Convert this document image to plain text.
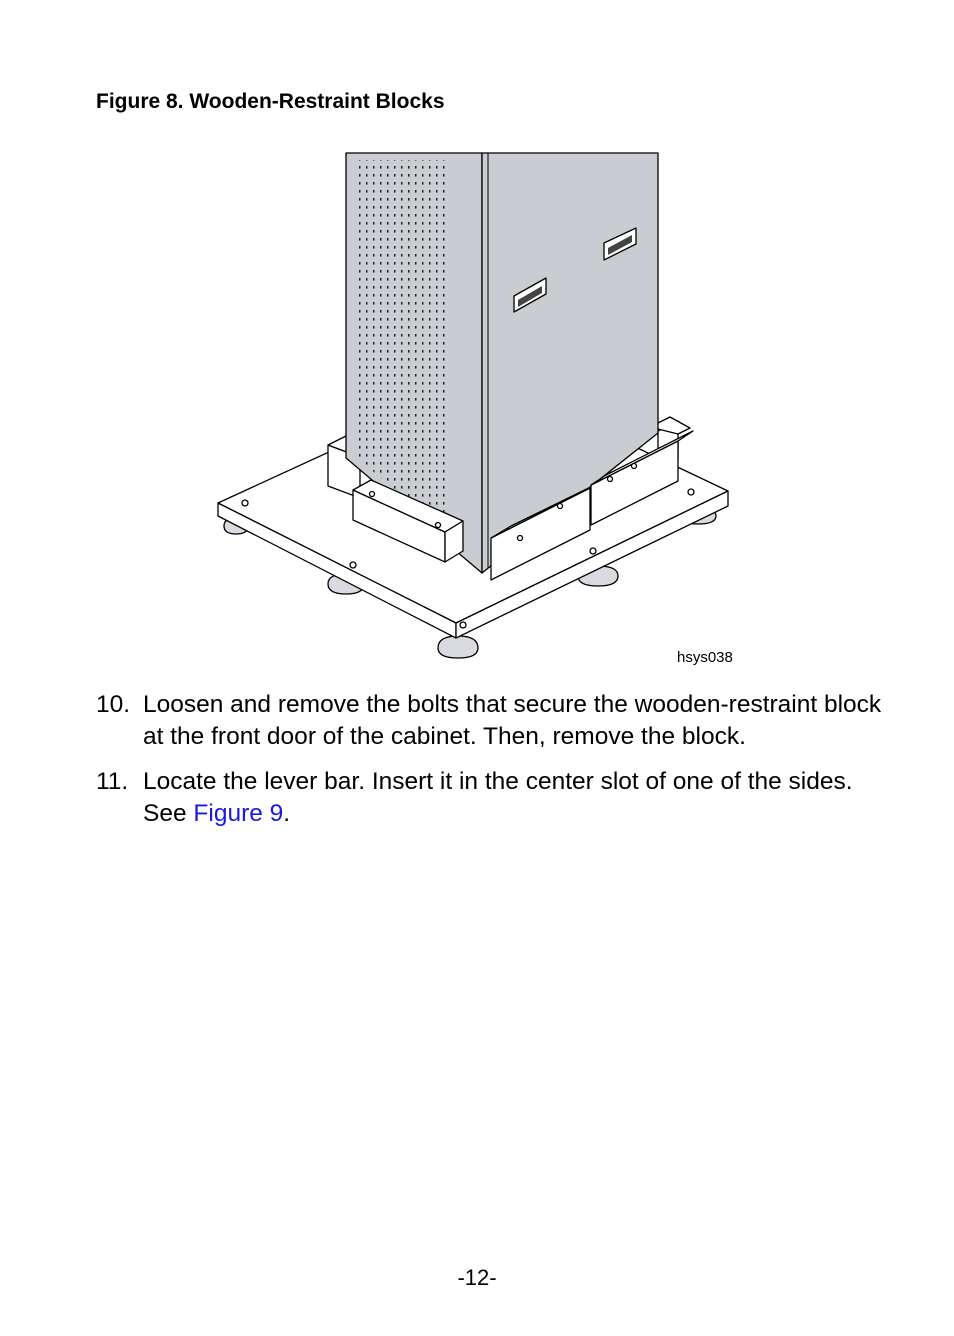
Figure 8. Wooden-Restraint Blocks

hsys038
10. Loosen and remove the bolts that secure the wooden-restraint block at the front door of the cabinet. Then, remove the block.
11. Locate the lever bar. Insert it in the center slot of one of the sides. See Figure 9.
-12-
